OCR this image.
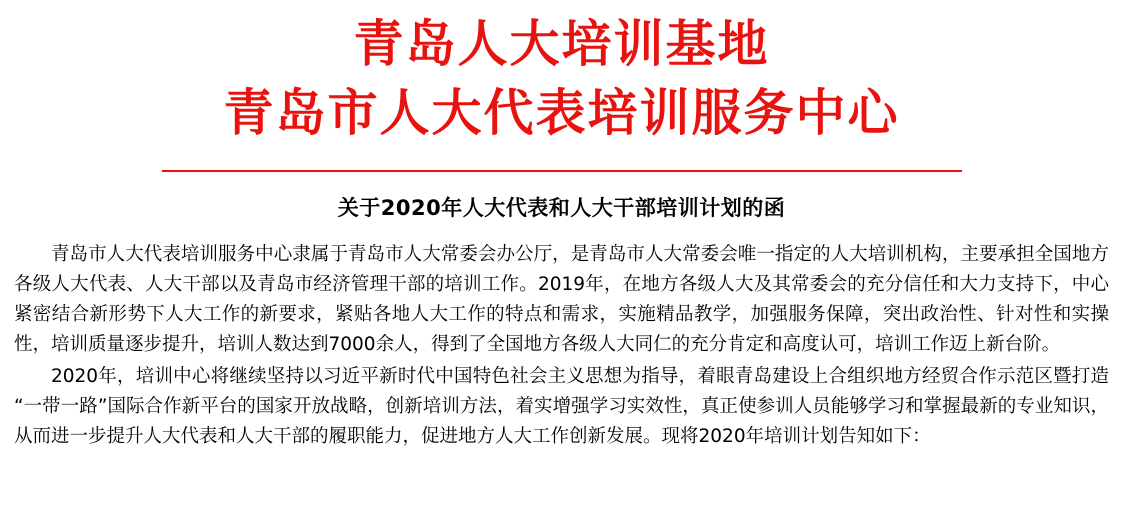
青岛人大培训基地
青岛市人大代表培训服务中心
关于2020年人大代表和人大干部培训计划的函

青岛市人大代表培训服务中心隶属于青岛市人大常委会办公厅，是青岛市人大常委会唯一指定的人大培训机构，主要承担全国地方各级人大代表、人大干部以及青岛市经济管理干部的培训工作。2019年，在地方各级人大及其常委会的充分信任和大力支持下，中心紧密结合新形势下人大工作的新要求，紧贴各地人大工作的特点和需求，实施精品教学，加强服务保障，突出政治性、针对性和实操性，培训质量逐步提升，培训人数达到7000余人，得到了全国地方各级人大同仁的充分肯定和高度认可，培训工作迈上新台阶。

2020年，培训中心将继续坚持以习近平新时代中国特色社会主义思想为指导，着眼青岛建设上合组织地方经贸合作示范区暨打造“一带一路”国际合作新平台的国家开放战略，创新培训方法，着实增强学习实效性，真正使参训人员能够学习和掌握最新的专业知识，从而进一步提升人大代表和人大干部的履职能力，促进地方人大工作创新发展。现将2020年培训计划告知如下：
